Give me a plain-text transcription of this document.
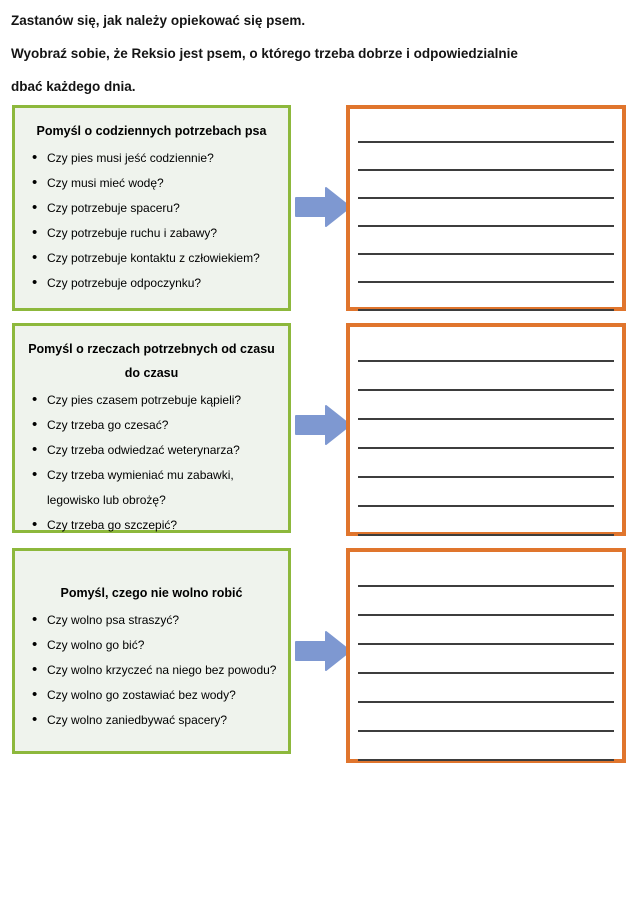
Zastanów się, jak należy opiekować się psem.
Wyobraź sobie, że Reksio jest psem, o którego trzeba dobrze i odpowiedzialnie
dbać każdego dnia.
Pomyśl o codziennych potrzebach psa
• Czy pies musi jeść codziennie?
• Czy musi mieć wodę?
• Czy potrzebuje spaceru?
• Czy potrzebuje ruchu i zabawy?
• Czy potrzebuje kontaktu z człowiekiem?
• Czy potrzebuje odpoczynku?
Pomyśl o rzeczach potrzebnych od czasu
do czasu
• Czy pies czasem potrzebuje kąpieli?
• Czy trzeba go czesać?
• Czy trzeba odwiedzać weterynarza?
• Czy trzeba wymieniać mu zabawki, legowisko lub obrożę?
• Czy trzeba go szczepić?
Pomyśl, czego nie wolno robić
• Czy wolno psa straszyć?
• Czy wolno go bić?
• Czy wolno krzyczeć na niego bez powodu?
• Czy wolno go zostawiać bez wody?
• Czy wolno zaniedbywać spacery?
